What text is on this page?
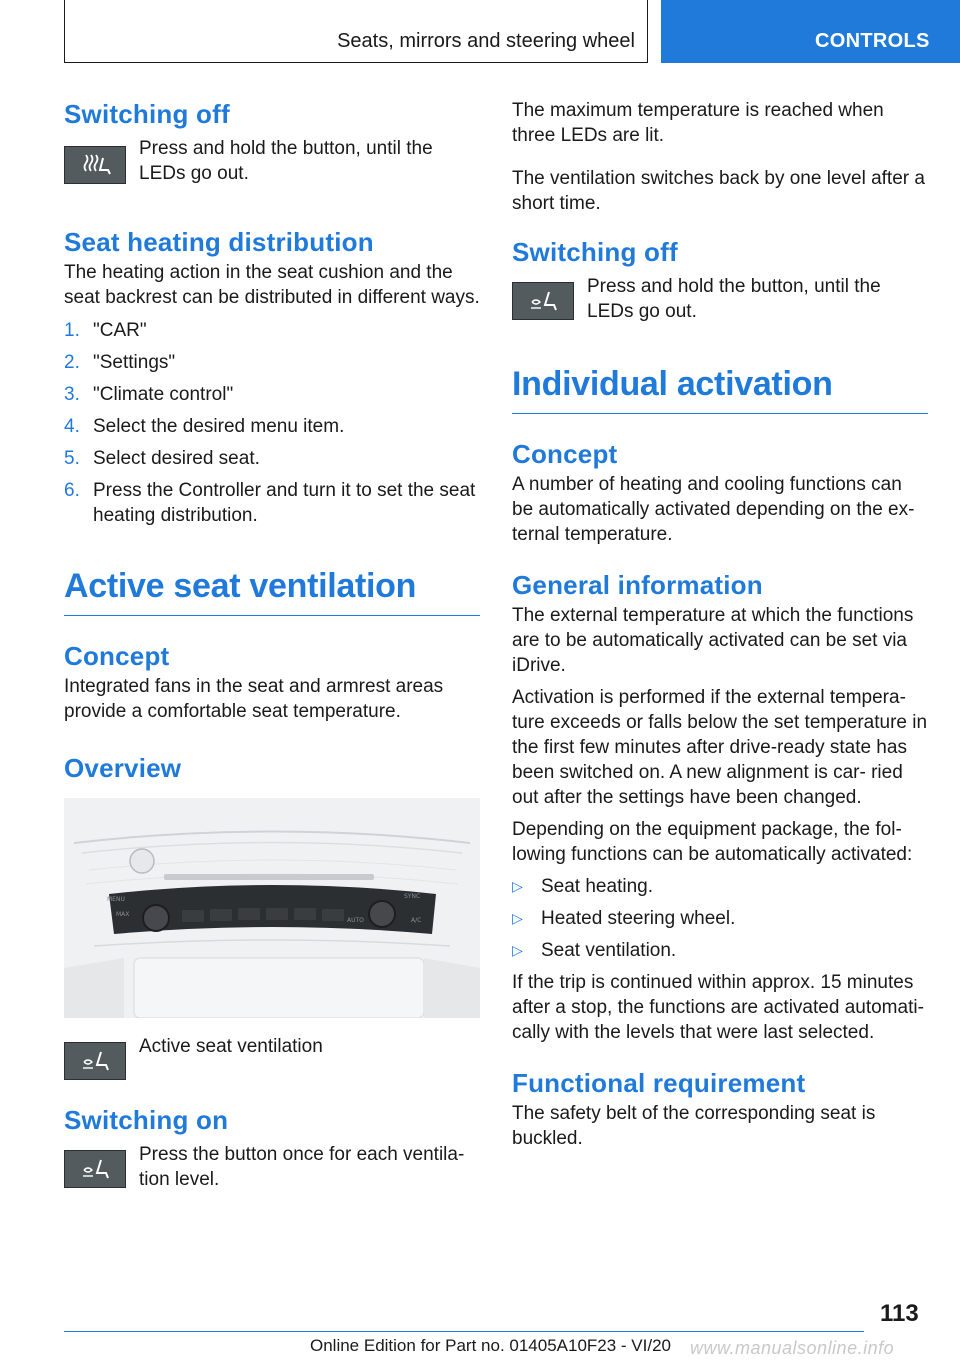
Seats, mirrors and steering wheel	CONTROLS
Switching off

Press and hold the button, until the LEDs go out.

Seat heating distribution

The heating action in the seat cushion and the seat backrest can be distributed in different ways.

1. "CAR"
2. "Settings"
3. "Climate control"
4. Select the desired menu item.
5. Select desired seat.
6. Press the Controller and turn it to set the seat heating distribution.
Active seat ventilation
Concept

Integrated fans in the seat and armrest areas provide a comfortable seat temperature.

Overview
MENU
MAX
SYNC
AUTO	A/C

Active seat ventilation

Switching on

Press the button once for each ventila- tion level.

The maximum temperature is reached when three LEDs are lit.

The ventilation switches back by one level after a short time.

Switching off

Press and hold the button, until the LEDs go out.

Individual activation
Concept

A number of heating and cooling functions can be automatically activated depending on the ex- ternal temperature.

General information

The external temperature at which the functions are to be automatically activated can be set via iDrive.

Activation is performed if the external tempera- ture exceeds or falls below the set temperature in the first few minutes after drive-ready state has been switched on. A new alignment is car- ried out after the settings have been changed.

Depending on the equipment package, the fol- lowing functions can be automatically activated:

▷ Seat heating.
▷ Heated steering wheel.
▷ Seat ventilation.

If the trip is continued within approx. 15 minutes after a stop, the functions are activated automati- cally with the levels that were last selected.

Functional requirement

The safety belt of the corresponding seat is buckled.

113
Online Edition for Part no. 01405A10F23 - VI/20 www.manualsonline.info
